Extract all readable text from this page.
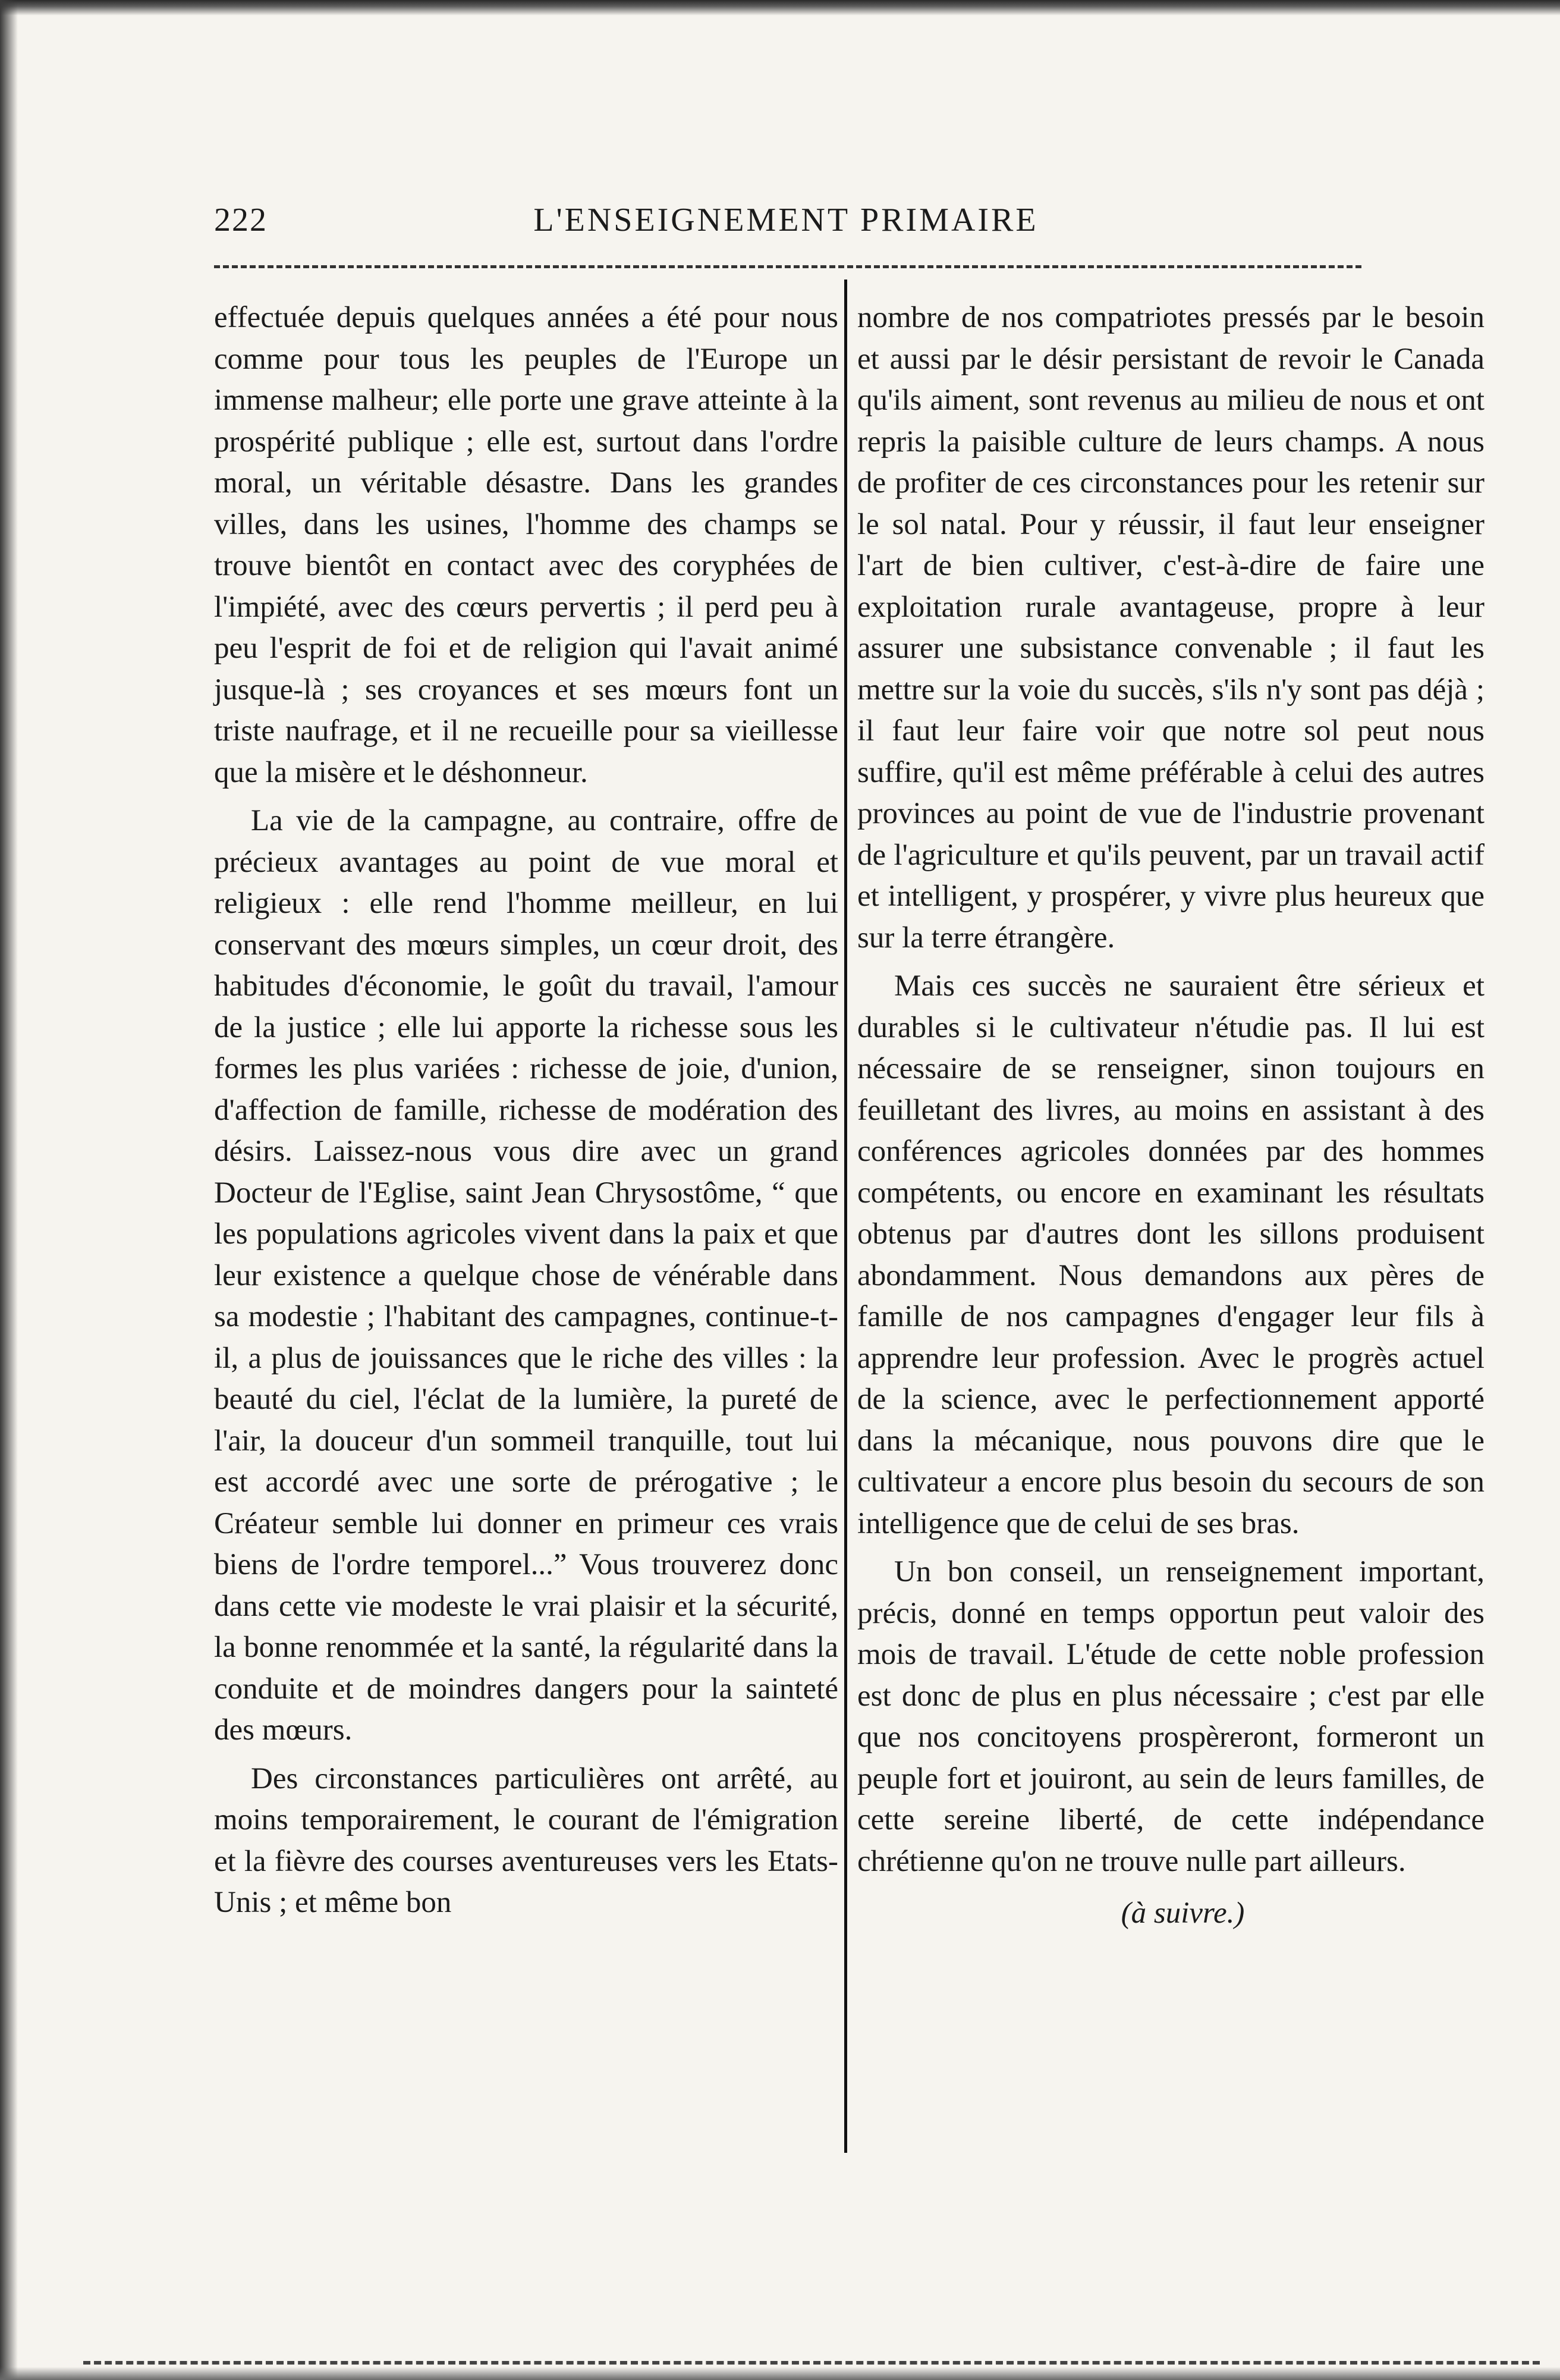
222	L'ENSEIGNEMENT PRIMAIRE

effectuée depuis quelques années a été pour nous comme pour tous les peuples de l'Europe un immense malheur; elle porte une grave atteinte à la prospérité publique ; elle est, surtout dans l'ordre moral, un véritable désastre. Dans les grandes villes, dans les usines, l'homme des champs se trouve bientôt en contact avec des coryphées de l'impiété, avec des cœurs pervertis ; il perd peu à peu l'esprit de foi et de religion qui l'avait animé jusque-là ; ses croyances et ses mœurs font un triste naufrage, et il ne recueille pour sa vieillesse que la misère et le déshonneur.

La vie de la campagne, au contraire, offre de précieux avantages au point de vue moral et religieux : elle rend l'homme meilleur, en lui conservant des mœurs simples, un cœur droit, des habitudes d'économie, le goût du travail, l'amour de la justice ; elle lui apporte la richesse sous les formes les plus variées : richesse de joie, d'union, d'affection de famille, richesse de modération des désirs. Laissez-nous vous dire avec un grand Docteur de l'Eglise, saint Jean Chrysostôme, “ que les populations agricoles vivent dans la paix et que leur existence a quelque chose de vénérable dans sa modestie ; l'habitant des campagnes, continue-t-il, a plus de jouissances que le riche des villes : la beauté du ciel, l'éclat de la lumière, la pureté de l'air, la douceur d'un sommeil tranquille, tout lui est accordé avec une sorte de prérogative ; le Créateur semble lui donner en primeur ces vrais biens de l'ordre temporel...” Vous trouverez donc dans cette vie modeste le vrai plaisir et la sécurité, la bonne renommée et la santé, la régularité dans la conduite et de moindres dangers pour la sainteté des mœurs.

Des circonstances particulières ont arrêté, au moins temporairement, le courant de l'émigration et la fièvre des courses aventureuses vers les Etats-Unis ; et même bon

nombre de nos compatriotes pressés par le besoin et aussi par le désir persistant de revoir le Canada qu'ils aiment, sont revenus au milieu de nous et ont repris la paisible culture de leurs champs. A nous de profiter de ces circonstances pour les retenir sur le sol natal. Pour y réussir, il faut leur enseigner l'art de bien cultiver, c'est-à-dire de faire une exploitation rurale avantageuse, propre à leur assurer une subsistance convenable ; il faut les mettre sur la voie du succès, s'ils n'y sont pas déjà ; il faut leur faire voir que notre sol peut nous suffire, qu'il est même préférable à celui des autres provinces au point de vue de l'industrie provenant de l'agriculture et qu'ils peuvent, par un travail actif et intelligent, y prospérer, y vivre plus heureux que sur la terre étrangère.

Mais ces succès ne sauraient être sérieux et durables si le cultivateur n'étudie pas. Il lui est nécessaire de se renseigner, sinon toujours en feuilletant des livres, au moins en assistant à des conférences agricoles données par des hommes compétents, ou encore en examinant les résultats obtenus par d'autres dont les sillons produisent abondamment. Nous demandons aux pères de famille de nos campagnes d'engager leur fils à apprendre leur profession. Avec le progrès actuel de la science, avec le perfectionnement apporté dans la mécanique, nous pouvons dire que le cultivateur a encore plus besoin du secours de son intelligence que de celui de ses bras.

Un bon conseil, un renseignement important, précis, donné en temps opportun peut valoir des mois de travail. L'étude de cette noble profession est donc de plus en plus nécessaire ; c'est par elle que nos concitoyens prospèreront, formeront un peuple fort et jouiront, au sein de leurs familles, de cette sereine liberté, de cette indépendance chrétienne qu'on ne trouve nulle part ailleurs.

(à suivre.)
